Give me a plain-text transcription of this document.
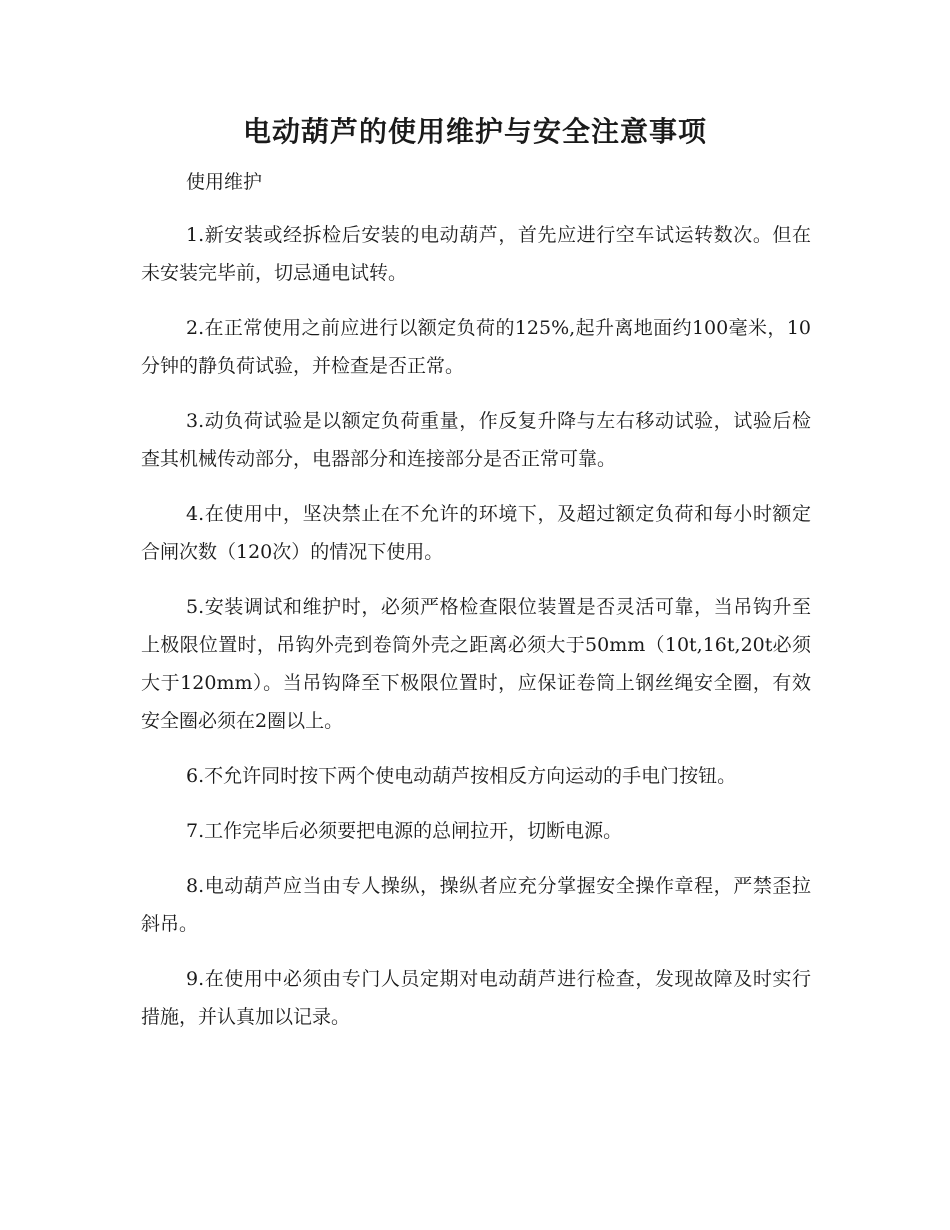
电动葫芦的使用维护与安全注意事项
使用维护

1.新安装或经拆检后安装的电动葫芦，首先应进行空车试运转数次。但在未安装完毕前，切忌通电试转。

2.在正常使用之前应进行以额定负荷的125%,起升离地面约100毫米，10分钟的静负荷试验，并检查是否正常。

3.动负荷试验是以额定负荷重量，作反复升降与左右移动试验，试验后检查其机械传动部分，电器部分和连接部分是否正常可靠。

4.在使用中，坚决禁止在不允许的环境下，及超过额定负荷和每小时额定合闸次数（120次）的情况下使用。

5.安装调试和维护时，必须严格检查限位装置是否灵活可靠，当吊钩升至上极限位置时，吊钩外壳到卷筒外壳之距离必须大于50mm（10t,16t,20t必须大于120mm）。当吊钩降至下极限位置时，应保证卷筒上钢丝绳安全圈，有效安全圈必须在2圈以上。

6.不允许同时按下两个使电动葫芦按相反方向运动的手电门按钮。

7.工作完毕后必须要把电源的总闸拉开，切断电源。

8.电动葫芦应当由专人操纵，操纵者应充分掌握安全操作章程，严禁歪拉斜吊。

9.在使用中必须由专门人员定期对电动葫芦进行检查，发现故障及时实行措施，并认真加以记录。
